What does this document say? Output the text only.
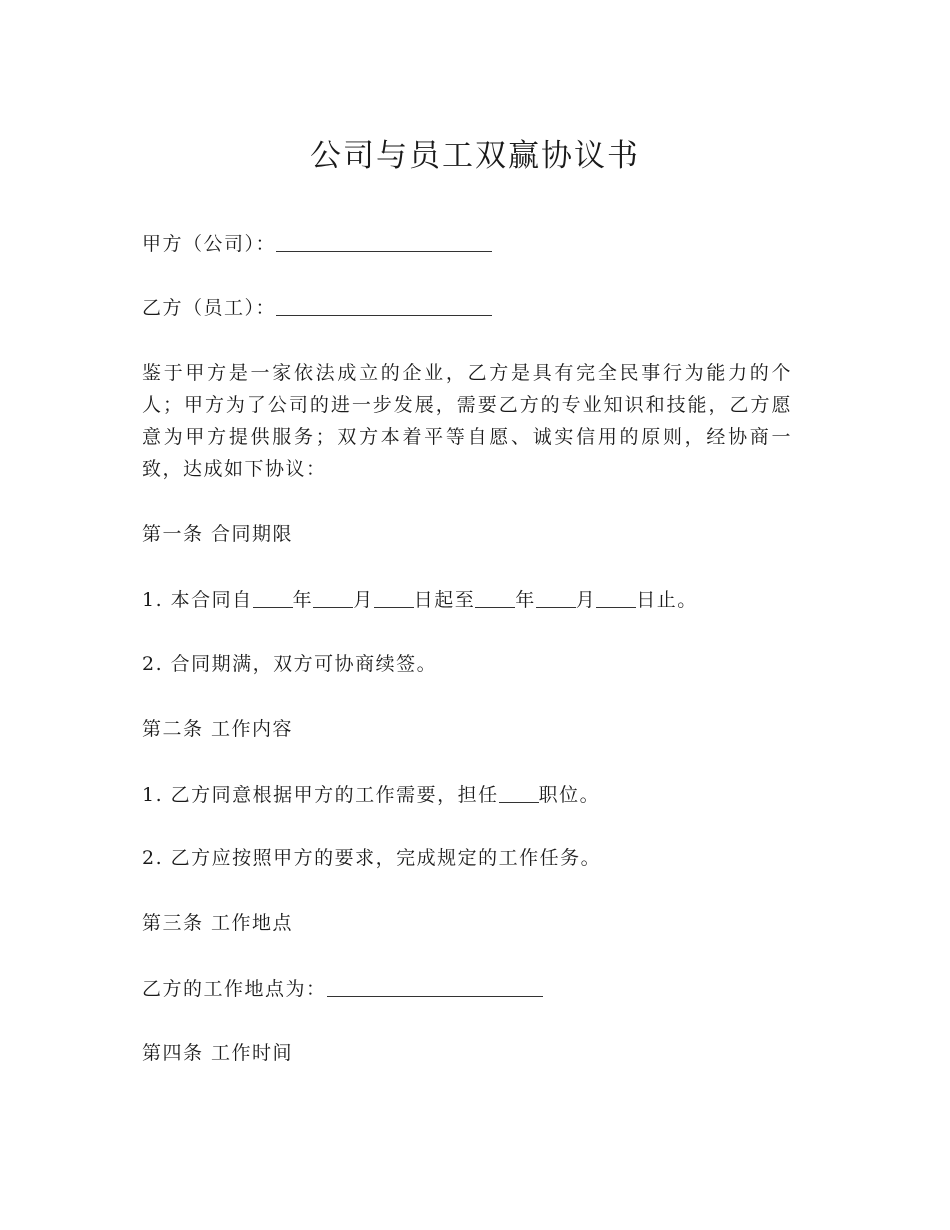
公司与员工双赢协议书
甲方（公司）：
乙方（员工）：

鉴于甲方是一家依法成立的企业，乙方是具有完全民事行为能力的个人；甲方为了公司的进一步发展，需要乙方的专业知识和技能，乙方愿意为甲方提供服务；双方本着平等自愿、诚实信用的原则，经协商一致，达成如下协议：

第一条 合同期限
1. 本合同自 年 月 日起至 年 月 日止。
2. 合同期满，双方可协商续签。
第二条 工作内容
1. 乙方同意根据甲方的工作需要，担任 职位。
2. 乙方应按照甲方的要求，完成规定的工作任务。
第三条 工作地点
乙方的工作地点为：
第四条 工作时间
